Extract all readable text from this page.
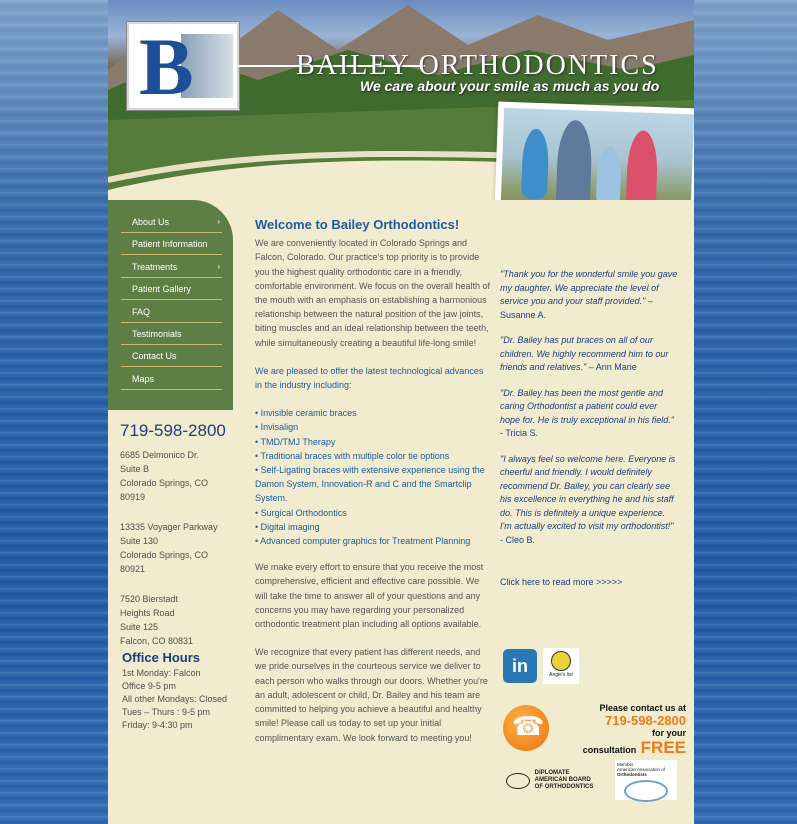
B	BAILEY ORTHODONTICS
We care about your smile as much as you do
About Us	›
Patient Information
Treatments	›
Patient Gallery
FAQ
Testimonials
Contact Us
Maps
719-598-2800
6685 Delmonico Dr.
Suite B
Colorado Springs, CO
80919
13335 Voyager Parkway
Suite 130
Colorado Springs, CO
80921
7520 Bierstadt
Heights Road
Suite 125
Falcon, CO 80831
Office Hours
1st Monday: Falcon
Office 9-5 pm
All other Mondays: Closed
Tues – Thurs : 9-5 pm
Friday: 9-4:30 pm
Welcome to Bailey Orthodontics!

We are conveniently located in Colorado Springs and Falcon, Colorado. Our practice's top priority is to provide you the highest quality orthodontic care in a friendly, comfortable environment. We focus on the overall health of the mouth with an emphasis on establishing a harmonious relationship between the natural position of the jaw joints, biting muscles and an ideal relationship between the teeth, while simultaneously creating a beautiful life-long smile!

We are pleased to offer the latest technological advances in the industry including:

• Invisible ceramic braces
• Invisalign
• TMD/TMJ Therapy
• Traditional braces with multiple color tie options
• Self-Ligating braces with extensive experience using the Damon System, Innovation-R and C and the Smartclip System.
• Surgical Orthodontics
• Digital imaging
• Advanced computer graphics for Treatment Planning

We make every effort to ensure that you receive the most comprehensive, efficient and effective care possible. We will take the time to answer all of your questions and any concerns you may have regarding your personalized orthodontic treatment plan including all options available.

We recognize that every patient has different needs, and we pride ourselves in the courteous service we deliver to each person who walks through our doors. Whether you're an adult, adolescent or child, Dr. Bailey and his team are committed to helping you achieve a beautiful and healthy smile! Please call us today to set up your initial complimentary exam. We look forward to meeting you!

"Thank you for the wonderful smile you gave my daughter. We appreciate the level of service you and your staff provided." – Susanne A.

"Dr. Bailey has put braces on all of our children. We highly recommend him to our friends and relatives." – Ann Marie

"Dr. Bailey has been the most gentle and caring Orthodontist a patient could ever hope for. He is truly exceptional in his field." - Tricia S.

"I always feel so welcome here. Everyone is cheerful and friendly. I would definitely recommend Dr. Bailey, you can clearly see his excellence in everything he and his staff do. This is definitely a unique experience. I'm actually excited to visit my orthodontist!" - Cleo B.

Click here to read more >>>>>
in	Angie's list
☎
Please contact us at
719-598-2800
for your
consultation FREE

DIPLOMATE
AMERICAN BOARD
OF ORTHODONTICS
Member
American Association of
Orthodontists
